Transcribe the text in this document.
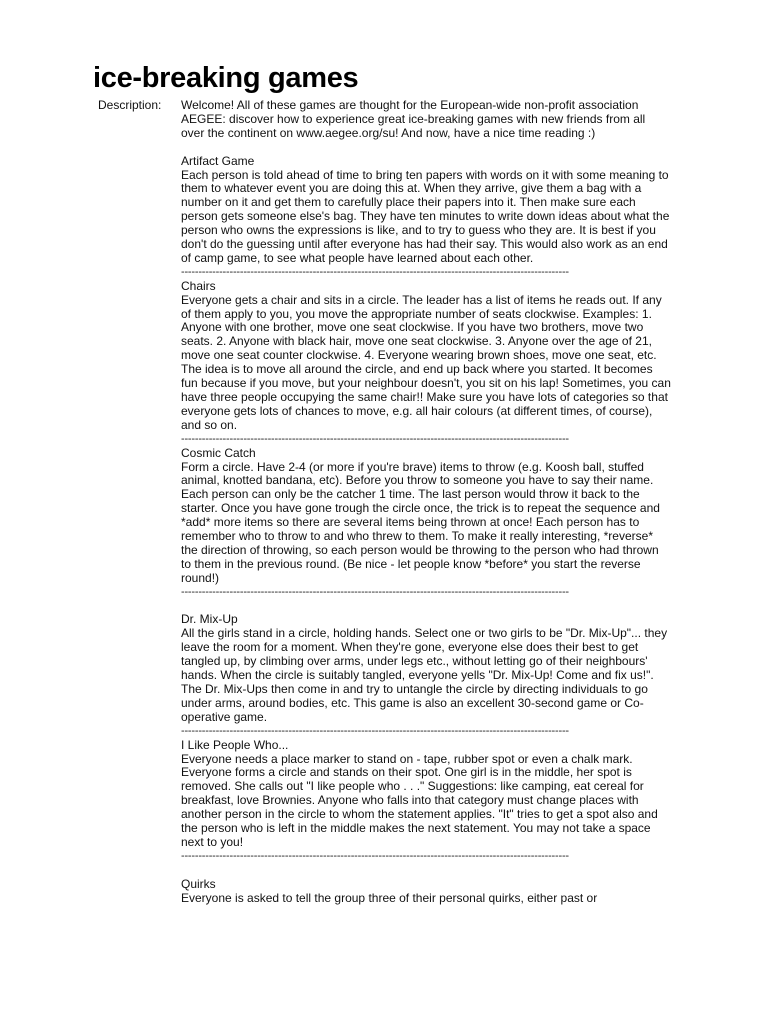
ice-breaking games
Description: Welcome! All of these games are thought for the European-wide non-profit association AEGEE: discover how to experience great ice-breaking games with new friends from all over the continent on www.aegee.org/su! And now, have a nice time reading :)

Artifact Game

Each person is told ahead of time to bring ten papers with words on it with some meaning to them to whatever event you are doing this at. When they arrive, give them a bag with a number on it and get them to carefully place their papers into it. Then make sure each person gets someone else's bag. They have ten minutes to write down ideas about what the person who owns the expressions is like, and to try to guess who they are. It is best if you don't do the guessing until after everyone has had their say. This would also work as an end of camp game, to see what people have learned about each other.

----------------------------------------------------------------------------------------------------------------

Chairs

Everyone gets a chair and sits in a circle. The leader has a list of items he reads out. If any of them apply to you, you move the appropriate number of seats clockwise. Examples: 1. Anyone with one brother, move one seat clockwise. If you have two brothers, move two seats. 2. Anyone with black hair, move one seat clockwise. 3. Anyone over the age of 21, move one seat counter clockwise. 4. Everyone wearing brown shoes, move one seat, etc.
The idea is to move all around the circle, and end up back where you started. It becomes fun because if you move, but your neighbour doesn't, you sit on his lap! Sometimes, you can have three people occupying the same chair!! Make sure you have lots of categories so that everyone gets lots of chances to move, e.g. all hair colours (at different times, of course), and so on.

----------------------------------------------------------------------------------------------------------------

Cosmic Catch

Form a circle. Have 2-4 (or more if you're brave) items to throw (e.g. Koosh ball, stuffed animal, knotted bandana, etc). Before you throw to someone you have to say their name. Each person can only be the catcher 1 time. The last person would throw it back to the starter. Once you have gone trough the circle once, the trick is to repeat the sequence and *add* more items so there are several items being thrown at once! Each person has to remember who to throw to and who threw to them. To make it really interesting, *reverse* the direction of throwing, so each person would be throwing to the person who had thrown to them in the previous round. (Be nice - let people know *before* you start the reverse round!)

----------------------------------------------------------------------------------------------------------------

Dr. Mix-Up

All the girls stand in a circle, holding hands. Select one or two girls to be "Dr. Mix-Up"... they leave the room for a moment. When they're gone, everyone else does their best to get tangled up, by climbing over arms, under legs etc., without letting go of their neighbours' hands. When the circle is suitably tangled, everyone yells "Dr. Mix-Up! Come and fix us!". The Dr. Mix-Ups then come in and try to untangle the circle by directing individuals to go under arms, around bodies, etc. This game is also an excellent 30-second game or Co-operative game.

----------------------------------------------------------------------------------------------------------------

I Like People Who...

Everyone needs a place marker to stand on - tape, rubber spot or even a chalk mark. Everyone forms a circle and stands on their spot. One girl is in the middle, her spot is removed. She calls out "I like people who . . ." Suggestions: like camping, eat cereal for breakfast, love Brownies. Anyone who falls into that category must change places with another person in the circle to whom the statement applies. "It" tries to get a spot also and the person who is left in the middle makes the next statement. You may not take a space next to you!

----------------------------------------------------------------------------------------------------------------

Quirks

Everyone is asked to tell the group three of their personal quirks, either past or
